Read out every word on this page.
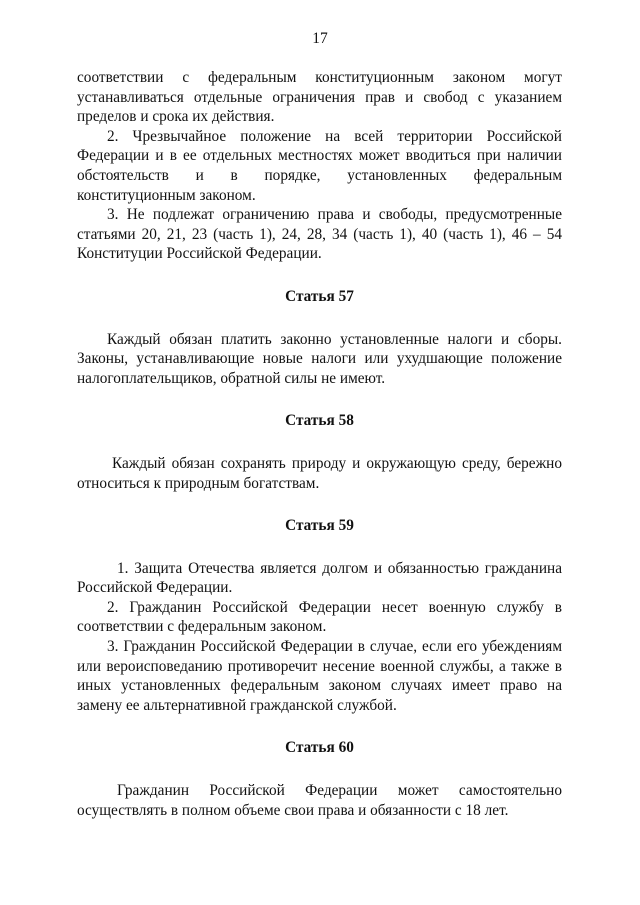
17

соответствии с федеральным конституционным законом могут устанавливаться отдельные ограничения прав и свобод с указанием пределов и срока их действия.

2. Чрезвычайное положение на всей территории Российской Федерации и в ее отдельных местностях может вводиться при наличии обстоятельств и в порядке, установленных федеральным конституционным законом.

3. Не подлежат ограничению права и свободы, предусмотренные статьями 20, 21, 23 (часть 1), 24, 28, 34 (часть 1), 40 (часть 1), 46 – 54 Конституции Российской Федерации.

Статья 57

Каждый обязан платить законно установленные налоги и сборы. Законы, устанавливающие новые налоги или ухудшающие положение налогоплательщиков, обратной силы не имеют.

Статья 58

Каждый обязан сохранять природу и окружающую среду, бережно относиться к природным богатствам.

Статья 59

1. Защита Отечества является долгом и обязанностью гражданина Российской Федерации.

2. Гражданин Российской Федерации несет военную службу в соответствии с федеральным законом.

3. Гражданин Российской Федерации в случае, если его убеждениям или вероисповеданию противоречит несение военной службы, а также в иных установленных федеральным законом случаях имеет право на замену ее альтернативной гражданской службой.

Статья 60

Гражданин Российской Федерации может самостоятельно осуществлять в полном объеме свои права и обязанности с 18 лет.
